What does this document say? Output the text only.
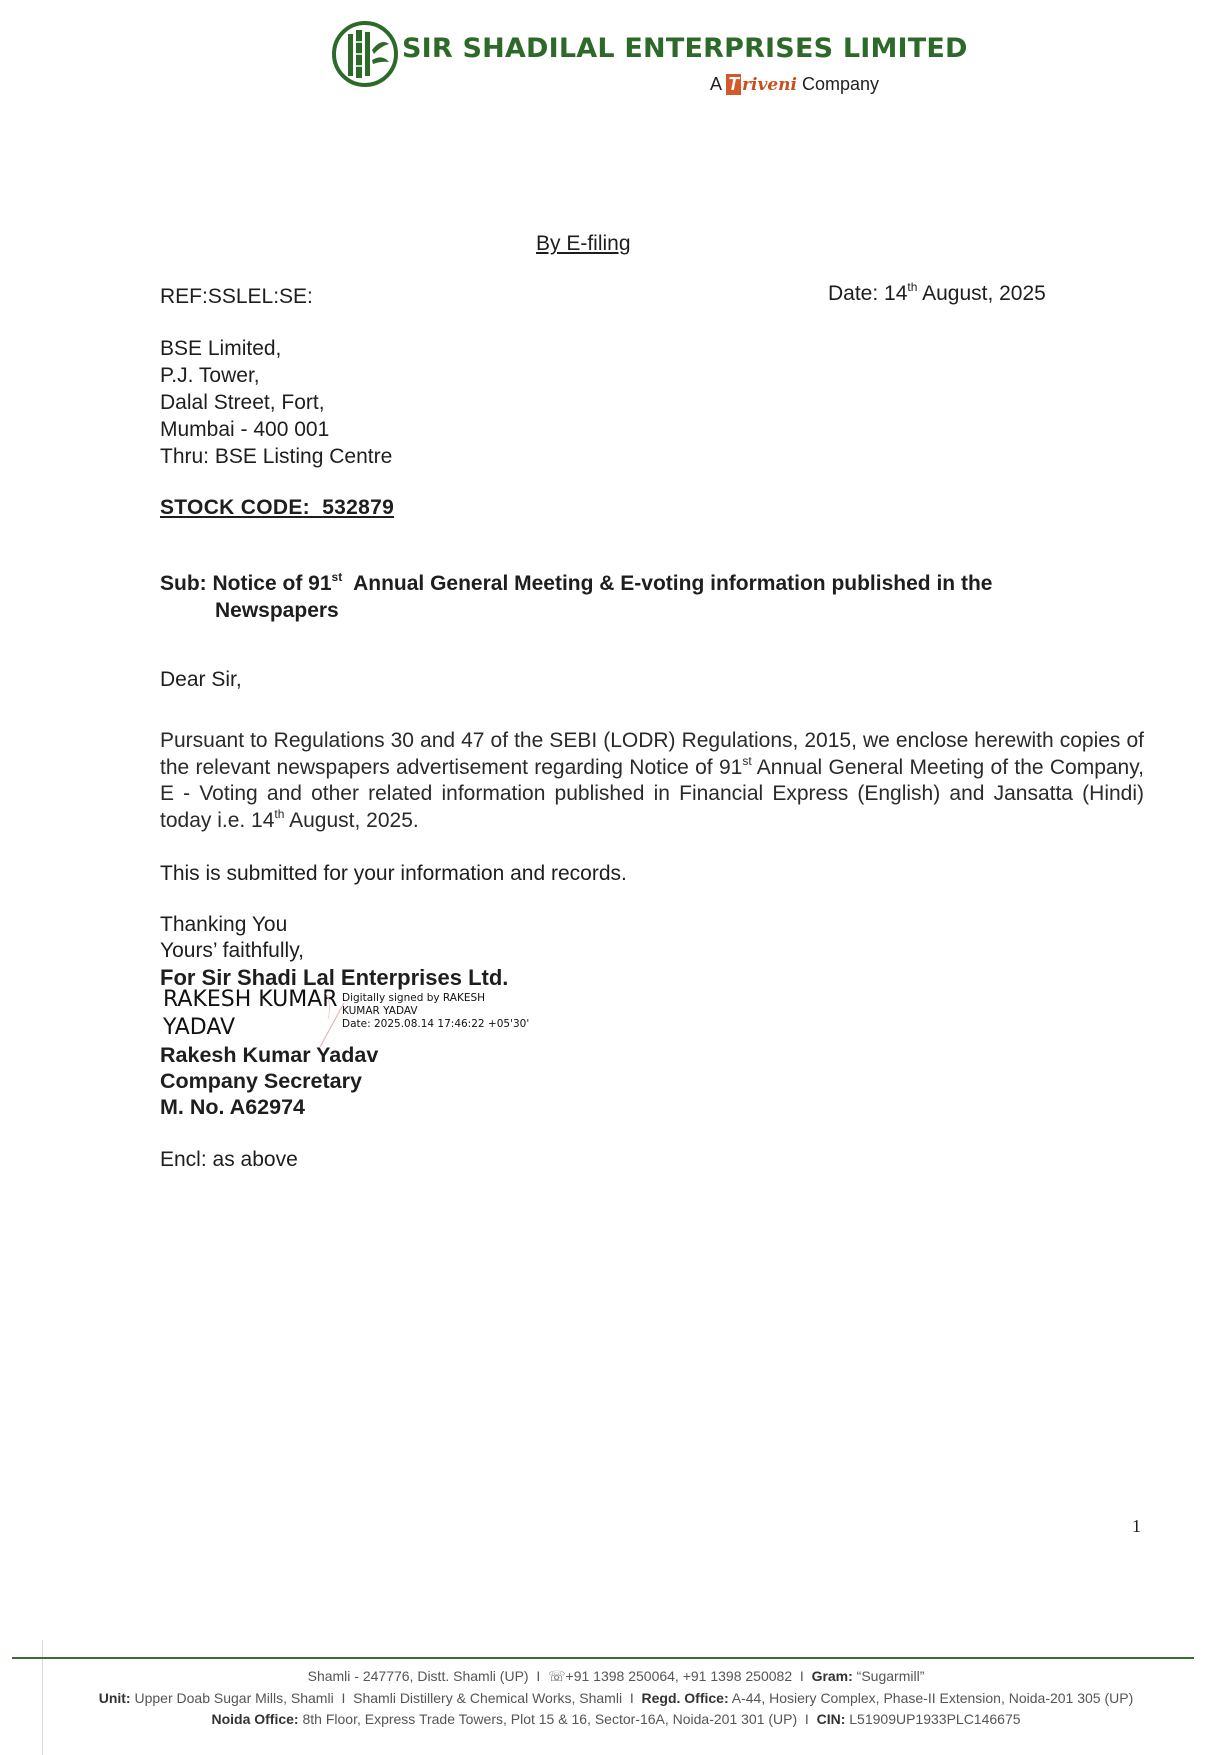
SIR SHADILAL ENTERPRISES LIMITED
A T riveni Company
By E-filing
REF:SSLEL:SE:	Date: 14th August, 2025
BSE Limited,
P.J. Tower,
Dalal Street, Fort,
Mumbai - 400 001
Thru: BSE Listing Centre
STOCK CODE:  532879
Sub: Notice of 91st  Annual General Meeting & E-voting information published in the
Newspapers
Dear Sir,
Pursuant to Regulations 30 and 47 of the SEBI (LODR) Regulations, 2015, we enclose herewith copies of the relevant newspapers advertisement regarding Notice of 91st Annual General Meeting of the Company, E - Voting and other related information published in Financial Express (English) and Jansatta (Hindi) today i.e. 14th August, 2025.
This is submitted for your information and records.
Thanking You
Yours’ faithfully,
For Sir Shadi Lal Enterprises Ltd.
RAKESH KUMAR
YADAV
Digitally signed by RAKESH
KUMAR YADAV
Date: 2025.08.14 17:46:22 +05'30'
Rakesh Kumar Yadav
Company Secretary
M. No. A62974
Encl: as above
1
Shamli - 247776, Distt. Shamli (UP)  I  ☏+91 1398 250064, +91 1398 250082  I  Gram: “Sugarmill”
Unit: Upper Doab Sugar Mills, Shamli  I  Shamli Distillery & Chemical Works, Shamli  I  Regd. Office: A-44, Hosiery Complex, Phase-II Extension, Noida-201 305 (UP)
Noida Office: 8th Floor, Express Trade Towers, Plot 15 & 16, Sector-16A, Noida-201 301 (UP)  I  CIN: L51909UP1933PLC146675
